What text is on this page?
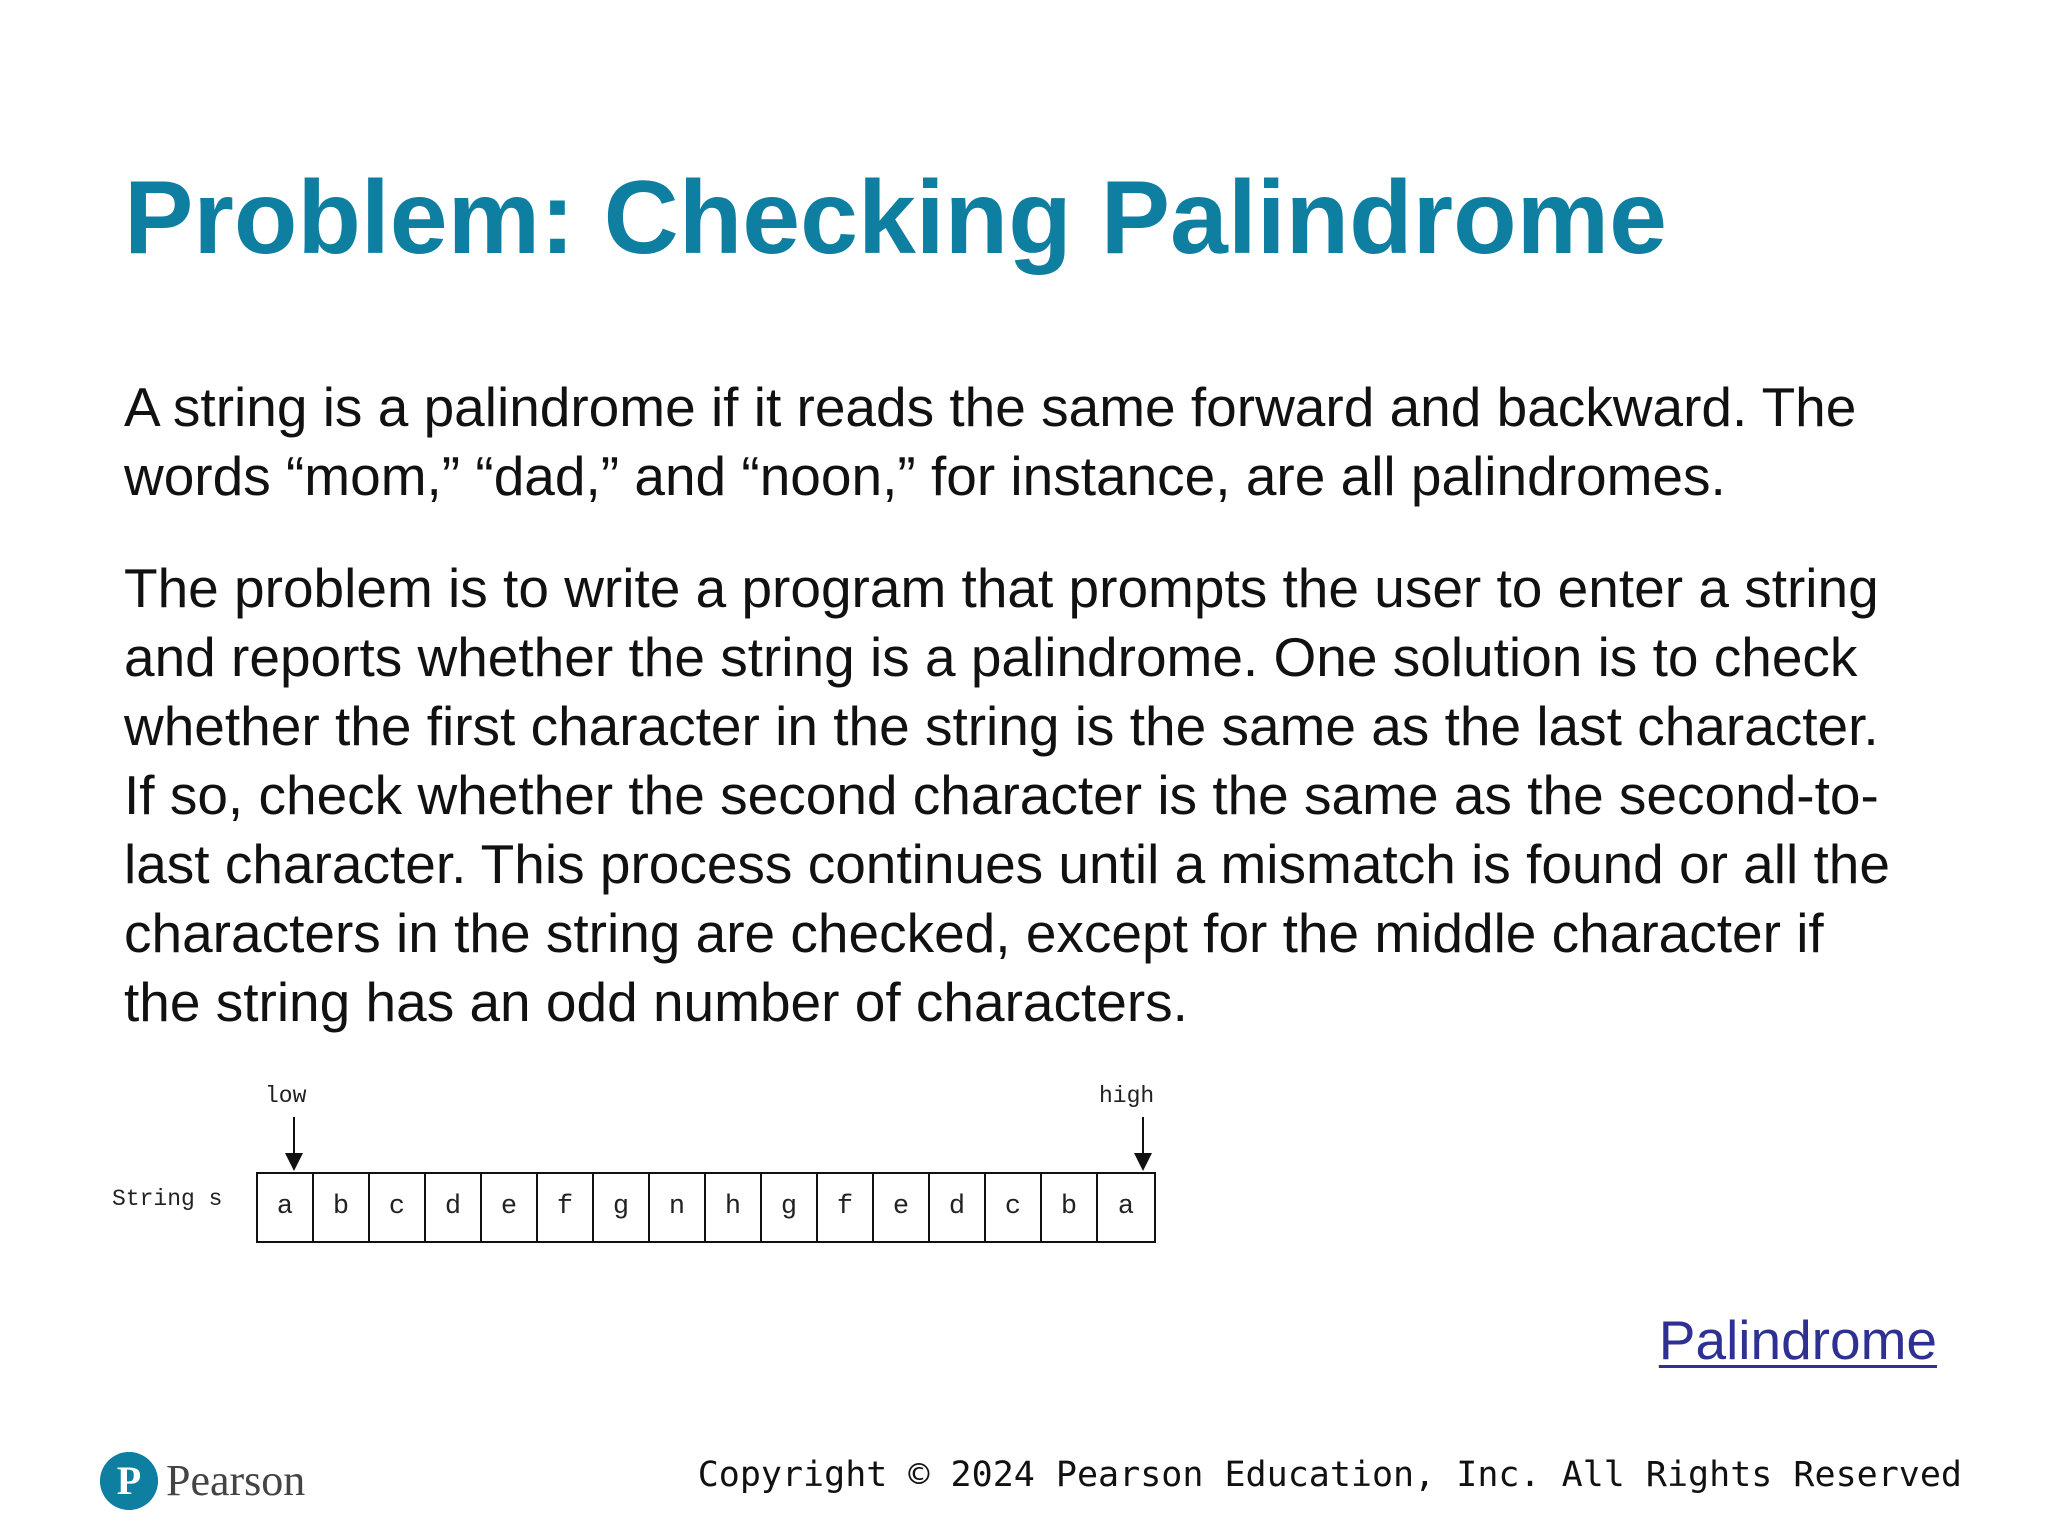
Problem: Checking Palindrome

A string is a palindrome if it reads the same forward and backward. The
words “mom,” “dad,” and “noon,” for instance, are all palindromes.

The problem is to write a program that prompts the user to enter a string
and reports whether the string is a palindrome. One solution is to check
whether the first character in the string is the same as the last character.
If so, check whether the second character is the same as the second-to-
last character. This process continues until a mismatch is found or all the
characters in the string are checked, except for the middle character if
the string has an odd number of characters.

low	high
String s	a	b	c	d	e	f	g	n	h	g	f	e	d	c	b	a
Palindrome
P Pearson	Copyright © 2024 Pearson Education, Inc. All Rights Reserved
